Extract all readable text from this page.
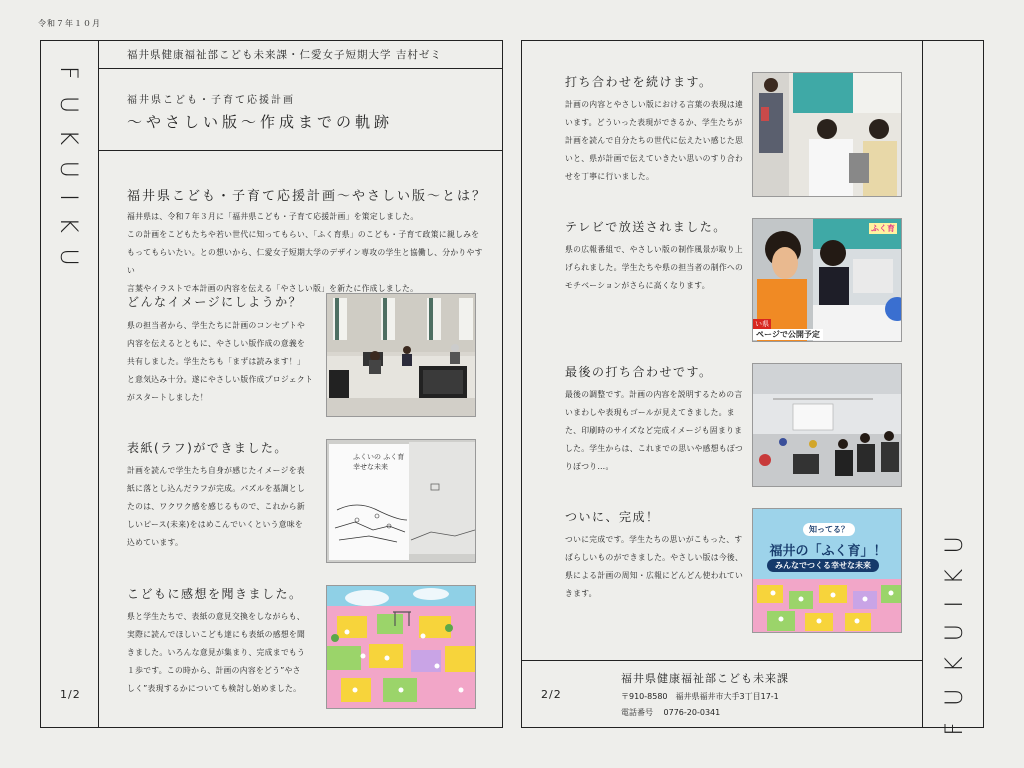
令和７年１０月
FUKUIKU
1/2
福井県健康福祉部こども未来課・仁愛女子短期大学 吉村ゼミ
福井県こども・子育て応援計画
〜やさしい版〜作成までの軌跡
福井県こども・子育て応援計画〜やさしい版〜とは？
福井県は、令和７年３月に「福井県こども・子育て応援計画」を策定しました。
この計画をこどもたちや若い世代に知ってもらい、「ふく育県」のこども・子育て政策に親しみを
もってもらいたい。との想いから、仁愛女子短期大学のデザイン専攻の学生と協働し、分かりやすい
言葉やイラストで本計画の内容を伝える「やさしい版」を新たに作成しました。
どんなイメージにしようか？
県の担当者から、学生たちに計画のコンセプトや
内容を伝えるとともに、やさしい版作成の意義を
共有しました。学生たちも「まずは読みます！」
と意気込み十分。遂にやさしい版作成プロジェクト
がスタートしました！
表紙(ラフ)ができました。
計画を読んで学生たち自身が感じたイメージを表
紙に落とし込んだラフが完成。パズルを基調とし
たのは、ワクワク感を感じるもので、これから新
しいピース(未来)をはめこんでいくという意味を
込めています。
ふくいの ふく育
幸せな未来
こどもに感想を聞きました。
県と学生たちで、表紙の意見交換をしながらも、
実際に読んでほしいこども達にも表紙の感想を聞
きました。いろんな意見が集まり、完成までもう
１歩です。この時から、計画の内容をどう”やさ
しく”表現するかについても検討し始めました。	FUKUIKU
打ち合わせを続けます。
計画の内容とやさしい版における言葉の表現は違
います。どういった表現ができるか、学生たちが
計画を読んで自分たちの世代に伝えたい感じた思
いと、県が計画で伝えていきたい思いのすり合わ
せを丁寧に行いました。
テレビで放送されました。
県の広報番組で、やさしい版の制作風景が取り上
げられました。学生たちや県の担当者の制作への
モチベーションがさらに高くなります。
ふく育
い県
ページで公開予定
最後の打ち合わせです。
最後の調整です。計画の内容を説明するための言
いまわしや表現もゴールが見えてきました。ま
た、印刷時のサイズなど完成イメージも固まりま
した。学生からは、これまでの思いや感想もぽつ
りぽつり…。
ついに、完成！
ついに完成です。学生たちの思いがこもった、す
ばらしいものができました。やさしい版は今後、
県による計画の周知・広報にどんどん使われてい
きます。
知ってる？
福井の「ふく育」！
みんなでつくる幸せな未来
2/2
福井県健康福祉部こども未来課
〒910-8580　福井県福井市大手3丁目17-1
電話番号　 0776-20-0341
